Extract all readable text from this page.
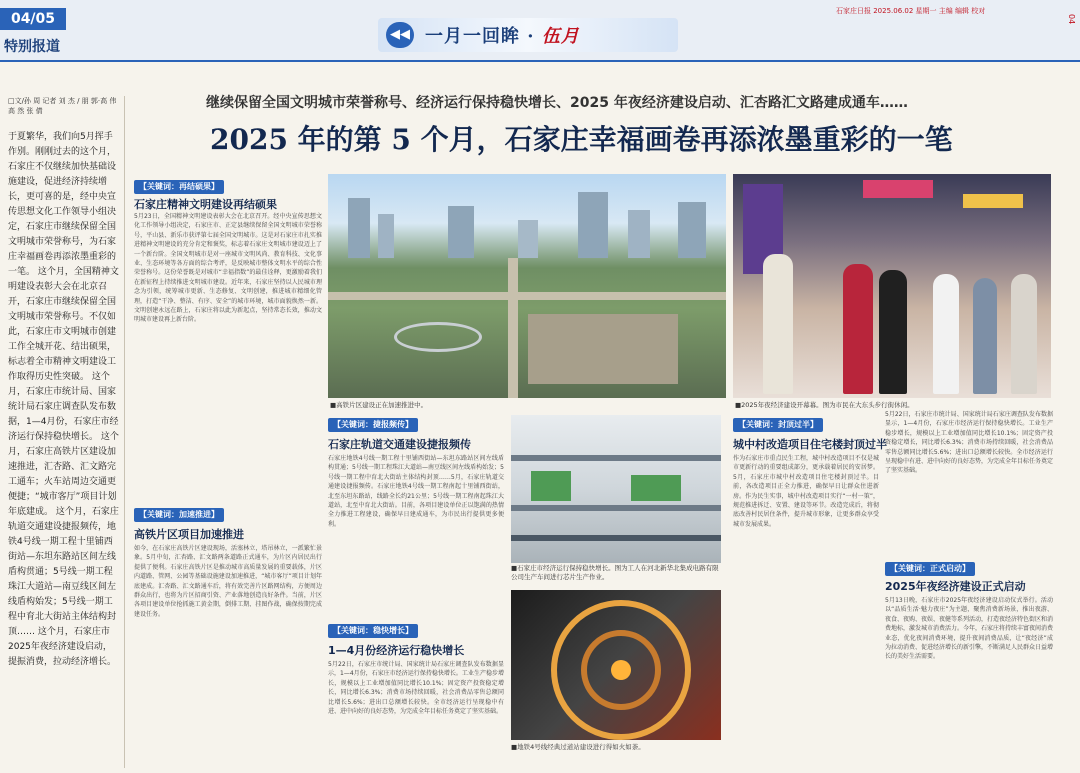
04/05
特别报道
◀◀ 一月一回眸 · 伍月
石家庄日报 2025.06.02 星期一 主编 编辑 校对
04
□文/孙 周 记者 刘 杰 / 朋 郭·高 伟 高 然 张 倩
于夏繁华，我们向5月挥手作别。刚刚过去的这个月，石家庄不仅继续加快基础设施建设，促进经济持续增长，更可喜的是，经中央宣传思想文化工作领导小组决定，石家庄市继续保留全国文明城市荣誉称号，为石家庄幸福画卷再添浓墨重彩的一笔。 这个月，全国精神文明建设表彰大会在北京召开，石家庄市继续保留全国文明城市荣誉称号。不仅如此，石家庄市文明城市创建工作全城开花、结出硕果，标志着全市精神文明建设工作取得历史性突破。 这个月，石家庄市统计局、国家统计局石家庄调查队发布数据，1—4月份，石家庄市经济运行保持稳快增长。 这个月，石家庄高铁片区建设加速推进，汇杏路、汇文路完工通车；火车站周边交通更便捷；“城市客厅”项目计划年底建成。 这个月，石家庄轨道交通建设捷报频传，地铁4号线一期工程十里铺西街站—东坦东路站区间左线盾构贯通；5号线一期工程珠江大道站—南豆线区间左线盾构始发；5号线一期工程中育北大街站主体结构封顶…… 这个月，石家庄市2025年夜经济建设启动，提振消费，拉动经济增长。
继续保留全国文明城市荣誉称号、经济运行保持稳快增长、2025 年夜经济建设启动、汇杏路汇文路建成通车……
2025 年的第 5 个月，石家庄幸福画卷再添浓墨重彩的一笔
【关键词：再结硕果】
石家庄精神文明建设再结硕果
5月23日，全国精神文明建设表彰大会在北京召开。经中央宣传思想文化工作领导小组决定，石家庄市、正定县继续保留全国文明城市荣誉称号，平山县、新乐市获评第七届全国文明城市。这是对石家庄市扎实推进精神文明建设的充分肯定和褒奖，标志着石家庄文明城市建设迈上了一个新台阶。全国文明城市是对一座城市文明风尚、教育科技、文化事业、生态环境等各方面的综合考评，是反映城市整体文明水平的综合性荣誉称号。这份荣誉既是对城市“幸福指数”的最佳诠释，更激励着我们在新征程上持续推进文明城市建设。近年来，石家庄坚持以人民城市理念为引领，统筹城市更新、生态修复、文明创建，推进城市精细化管理，打造“干净、整洁、有序、安全”的城市环境，城市面貌焕然一新。文明创建永远在路上，石家庄将以此为新起点，坚持常态长效，推动文明城市建设再上新台阶。
【关键词：加速推进】
高铁片区项目加速推进
如今，在石家庄高铁片区建设现场，活塞林立，塔吊林立，一派繁忙景象。5月中旬，汇杏路、汇文路两条道路正式通车，为片区内居民出行提供了便利。石家庄高铁片区是推动城市高质量发展的重要载体，片区内道路、管网、公园等基础设施建设加速推进，“城市客厅”项目计划年底建成。汇杏路、汇文路通车后，将有效完善片区路网结构，方便周边群众出行，也将为片区招商引资、产业落地创造良好条件。当前，片区各项目建设单位抢抓施工黄金期，倒排工期、挂图作战，确保按期完成建设任务。
■高铁片区建设正在加速推进中。	■2025年夜经济建设开幕幕。图为市民在大东头步行街休闲。
【关键词：捷报频传】
石家庄轨道交通建设捷报频传
石家庄地铁4号线一期工程十里铺西街站—东坦东路站区间左线盾构贯通；5号线一期工程珠江大道站—南豆线区间左线盾构始发；5号线一期工程中育北大街站主体结构封顶……5月，石家庄轨道交通建设捷报频传。石家庄地铁4号线一期工程南起十里铺西街站，北至东坦东路站，线路全长约21公里；5号线一期工程南起珠江大道站，北至中育北大街站。目前，各项目建设单位正以饱满的热情全力推进工程建设，确保早日建成通车，为市民出行提供更多便利。
【关键词：稳快增长】
1—4月份经济运行稳快增长
5月22日，石家庄市统计局、国家统计局石家庄调查队发布数据显示，1—4月份，石家庄市经济运行保持稳快增长。工业生产稳步增长，规模以上工业增加值同比增长10.1%；固定资产投资稳定增长，同比增长6.3%；消费市场持续回暖，社会消费品零售总额同比增长5.6%；进出口总额增长较快。全市经济运行呈现稳中有进、进中向好的良好态势，为完成全年目标任务奠定了坚实基础。
■石家庄市经济运行保持稳快增长。图为工人在河北新华北集成电路有限公司生产车间进行芯片生产作业。
■地铁4号线经典过道站建设进行得如火如荼。
【关键词：封顶过半】
城中村改造项目住宅楼封顶过半
作为石家庄市重点民生工程，城中村改造项目不仅是城市更新行动的重要组成部分，更承载着居民的安居梦。5月，石家庄市城中村改造项目住宅楼封顶过半。目前，各改造项目正全力推进，确保早日让群众住进新房。作为民生实事，城中村改造项目实行“一村一策”，规范推进拆迁、安置、建设等环节。改造完成后，将彻底改善村民居住条件，提升城市形象，让更多群众享受城市发展成果。
【关键词：正式启动】
2025年夜经济建设正式启动
5月13日晚，石家庄市2025年夜经济建设启动仪式举行。活动以“品质生活·魅力夜庄”为主题，聚焦消费新场景，推出夜游、夜食、夜购、夜娱、夜健等系列活动，打造夜经济特色街区和消费地标，激发城市消费活力。今年，石家庄将持续丰富夜间消费业态，优化夜间消费环境，提升夜间消费品质，让“夜经济”成为拉动消费、促进经济增长的新引擎，不断满足人民群众日益增长的美好生活需要。
5月22日，石家庄市统计局、国家统计局石家庄调查队发布数据显示，1—4月份，石家庄市经济运行保持稳快增长。工业生产稳步增长，规模以上工业增加值同比增长10.1%；固定资产投资稳定增长，同比增长6.3%；消费市场持续回暖，社会消费品零售总额同比增长5.6%；进出口总额增长较快。全市经济运行呈现稳中有进、进中向好的良好态势，为完成全年目标任务奠定了坚实基础。
